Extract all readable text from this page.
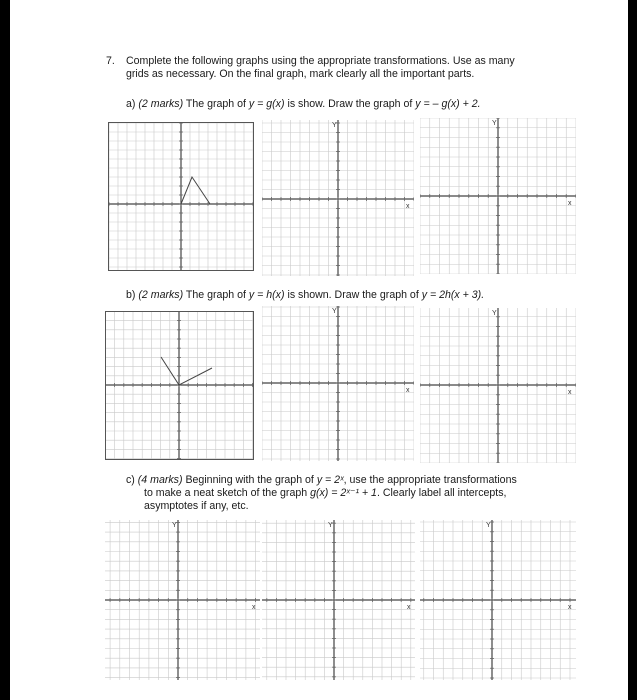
7. Complete the following graphs using the appropriate transformations. Use as many
grids as necessary. On the final graph, mark clearly all the important parts.
a) (2 marks) The graph of y = g(x) is show. Draw the graph of y = – g(x) + 2.
b) (2 marks) The graph of y = h(x) is shown. Draw the graph of y = 2h(x + 3).
c) (4 marks) Beginning with the graph of y = 2ˣ, use the appropriate transformations
to make a neat sketch of the graph g(x) = 2ˣ⁻¹ + 1. Clearly label all intercepts,
asymptotes if any, etc.
x
Y
x
Y
x
Y
x
Y
x
Y
x
Y
x
Y
